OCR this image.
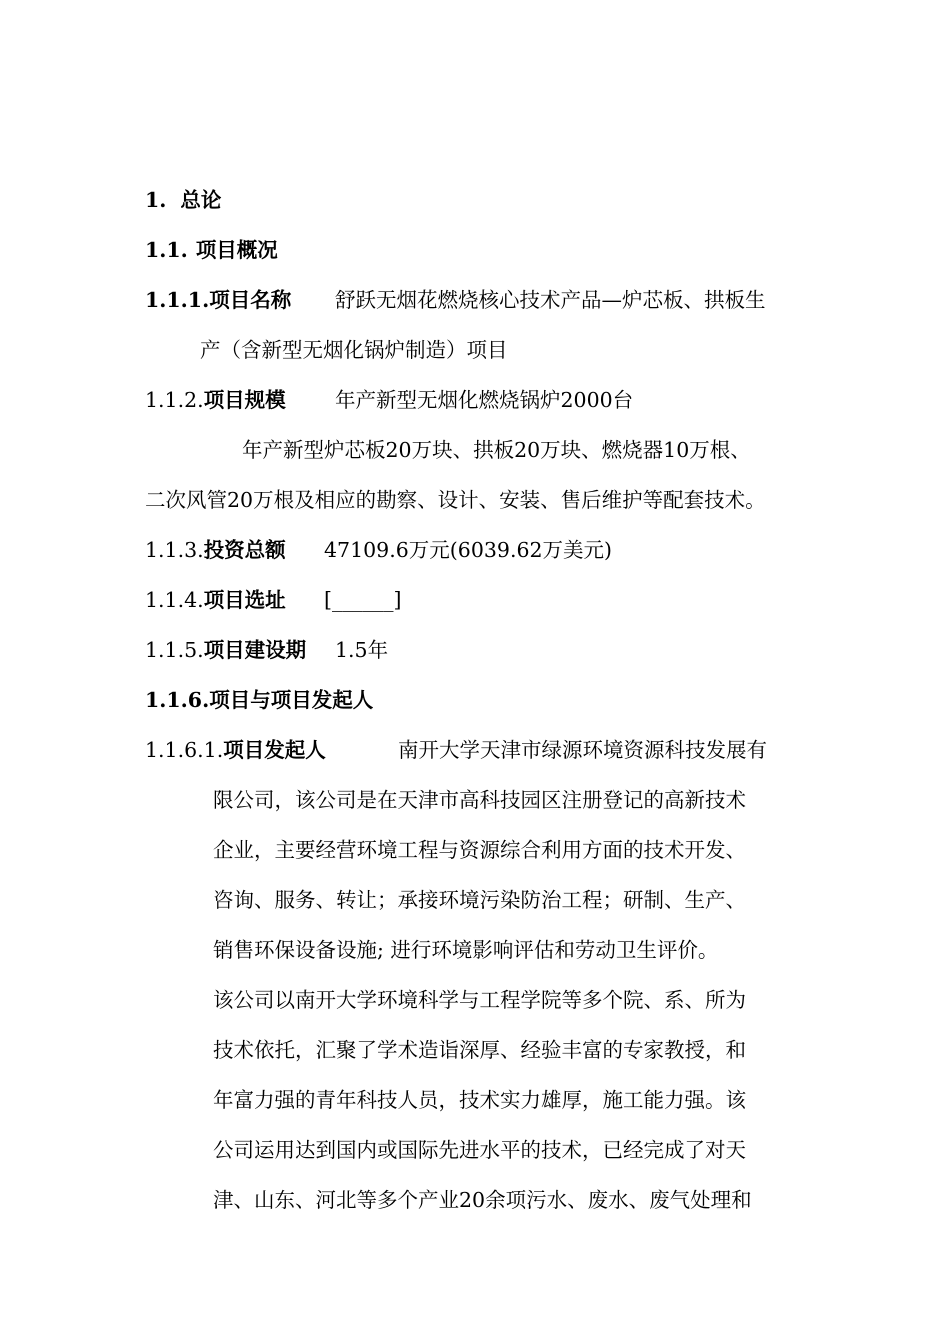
1. 总论
1.1. 项目概况
1.1.1.项目名称 舒跃无烟花燃烧核心技术产品—炉芯板、拱板生
产（含新型无烟化锅炉制造）项目
1.1.2.项目规模 年产新型无烟化燃烧锅炉2000台
年产新型炉芯板20万块、拱板20万块、燃烧器10万根、
二次风管20万根及相应的勘察、设计、安装、售后维护等配套技术。
1.1.3.投资总额 47109.6万元(6039.62万美元)
1.1.4.项目选址 [______]
1.1.5.项目建设期 1.5年
1.1.6.项目与项目发起人
1.1.6.1.项目发起人	南开大学天津市绿源环境资源科技发展有
限公司，该公司是在天津市高科技园区注册登记的高新技术
企业，主要经营环境工程与资源综合利用方面的技术开发、
咨询、服务、转让；承接环境污染防治工程；研制、生产、
销售环保设备设施; 进行环境影响评估和劳动卫生评价。
该公司以南开大学环境科学与工程学院等多个院、系、所为
技术依托，汇聚了学术造诣深厚、经验丰富的专家教授，和
年富力强的青年科技人员，技术实力雄厚，施工能力强。该
公司运用达到国内或国际先进水平的技术，已经完成了对天
津、山东、河北等多个产业20余项污水、废水、废气处理和
